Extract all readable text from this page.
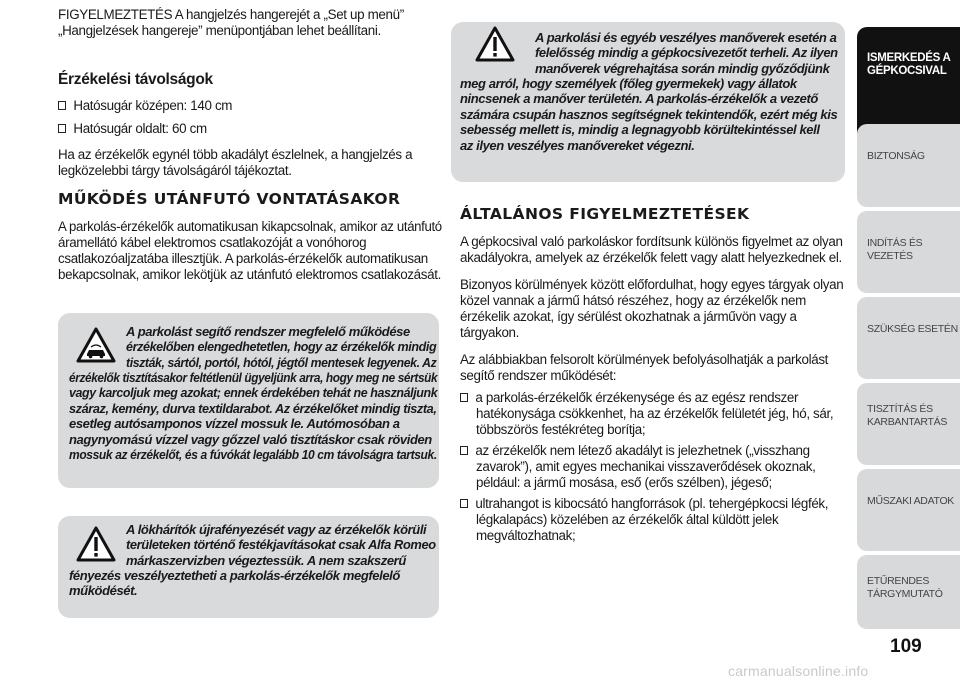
FIGYELMEZTETÉS A hangjelzés hangerejét a „Set up menü”

„Hangjelzések hangereje” menüpontjában lehet beállítani.

Érzékelési távolságok
Hatósugár középen: 140 cm
Hatósugár oldalt: 60 cm

Ha az érzékelők egynél több akadályt észlelnek, a hangjelzés a

legközelebbi tárgy távolságáról tájékoztat.

MŰKÖDÉS UTÁNFUTÓ VONTATÁSAKOR

A parkolás-érzékelők automatikusan kikapcsolnak, amikor az utánfutó

áramellátó kábel elektromos csatlakozóját a vonóhorog

csatlakozóaljzatába illesztjük. A parkolás-érzékelők automatikusan

bekapcsolnak, amikor lekötjük az utánfutó elektromos csatlakozását.

A parkolást segítő rendszer megfelelő működése

érzékelőben elengedhetetlen, hogy az érzékelők mindig

tiszták, sártól, portól, hótól, jégtől mentesek legyenek. Az

érzékelők tisztításakor feltétlenül ügyeljünk arra, hogy meg ne sértsük

vagy karcoljuk meg azokat; ennek érdekében tehát ne használjunk

száraz, kemény, durva textildarabot. Az érzékelőket mindig tiszta,

esetleg autósamponos vízzel mossuk le. Autómosóban a

nagynyomású vízzel vagy gőzzel való tisztításkor csak röviden

mossuk az érzékelőt, és a fúvókát legalább 10 cm távolságra tartsuk.

A lökhárítók újrafényezését vagy az érzékelők körüli

területeken történő festékjavításokat csak Alfa Romeo

márkaszervizben végeztessük. A nem szakszerű

fényezés veszélyeztetheti a parkolás-érzékelők megfelelő

működését.

A parkolási és egyéb veszélyes manőverek esetén a

felelősség mindig a gépkocsivezetőt terheli. Az ilyen

manőverek végrehajtása során mindig győződjünk

meg arról, hogy személyek (főleg gyermekek) vagy állatok

nincsenek a manőver területén. A parkolás-érzékelők a vezető

számára csupán hasznos segítségnek tekintendők, ezért még kis

sebesség mellett is, mindig a legnagyobb körültekintéssel kell

az ilyen veszélyes manővereket végezni.

ÁLTALÁNOS FIGYELMEZTETÉSEK

A gépkocsival való parkoláskor fordítsunk különös figyelmet az olyan

akadályokra, amelyek az érzékelők felett vagy alatt helyezkednek el.

Bizonyos körülmények között előfordulhat, hogy egyes tárgyak olyan

közel vannak a jármű hátsó részéhez, hogy az érzékelők nem

érzékelik azokat, így sérülést okozhatnak a járművön vagy a

tárgyakon.

Az alábbiakban felsorolt körülmények befolyásolhatják a parkolást

segítő rendszer működését:

a parkolás-érzékelők érzékenysége és az egész rendszer

hatékonysága csökkenhet, ha az érzékelők felületét jég, hó, sár,

többszörös festékréteg borítja;

az érzékelők nem létező akadályt is jelezhetnek („visszhang

zavarok”), amit egyes mechanikai visszaverődések okoznak,

például: a jármű mosása, eső (erős szélben), jégeső;

ultrahangot is kibocsátó hangforrások (pl. tehergépkocsi légfék,

légkalapács) közelében az érzékelők által küldött jelek

megváltozhatnak;

ISMERKEDÉS A
GÉPKOCSIVAL
BIZTONSÁG
INDÍTÁS ÉS VEZETÉS
SZÜKSÉG ESETÉN
TISZTÍTÁS ÉS
KARBANTARTÁS
MŰSZAKI ADATOK
ETŰRENDES
TÁRGYMUTATÓ
109
carmanualsonline.info
